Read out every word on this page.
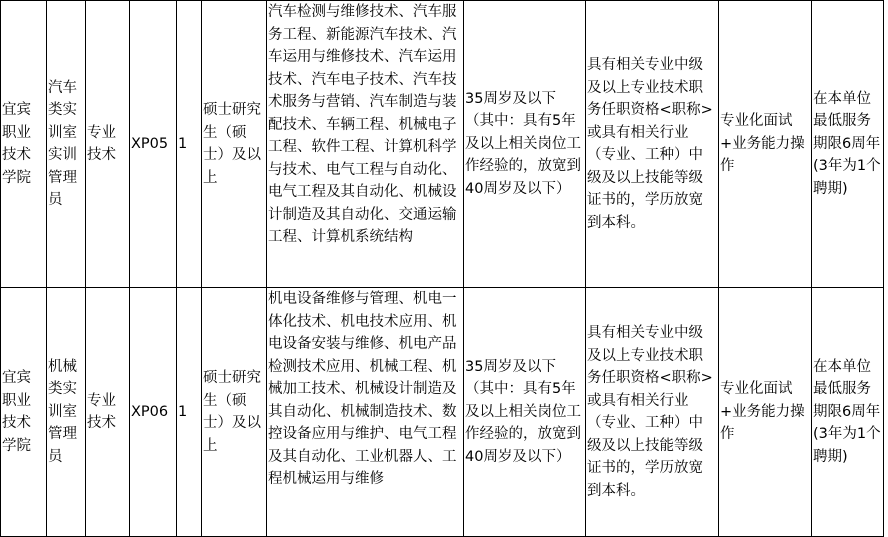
宜宾职业技术学院	汽车类实训室实训管理员	专业技术	XP05	1	硕士研究生（硕士）及以上	汽车检测与维修技术、汽车服务工程、新能源汽车技术、汽车运用与维修技术、汽车运用技术、汽车电子技术、汽车技术服务与营销、汽车制造与装配技术、车辆工程、机械电子工程、软件工程、计算机科学与技术、电气工程与自动化、电气工程及其自动化、机械设计制造及其自动化、交通运输工程、计算机系统结构	35周岁及以下（其中：具有5年及以上相关岗位工作经验的，放宽到40周岁及以下）	具有相关专业中级及以上专业技术职务任职资格<职称>或具有相关行业（专业、工种）中级及以上技能等级证书的，学历放宽到本科。	专业化面试+业务能力操作	在本单位最低服务期限6周年(3年为1个聘期)
宜宾职业技术学院	机械类实训室管理员	专业技术	XP06	1	硕士研究生（硕士）及以上	机电设备维修与管理、机电一体化技术、机电技术应用、机电设备安装与维修、机电产品检测技术应用、机械工程、机械加工技术、机械设计制造及其自动化、机械制造技术、数控设备应用与维护、电气工程及其自动化、工业机器人、工程机械运用与维修	35周岁及以下（其中：具有5年及以上相关岗位工作经验的，放宽到40周岁及以下）	具有相关专业中级及以上专业技术职务任职资格<职称>或具有相关行业（专业、工种）中级及以上技能等级证书的，学历放宽到本科。	专业化面试+业务能力操作	在本单位最低服务期限6周年(3年为1个聘期)
